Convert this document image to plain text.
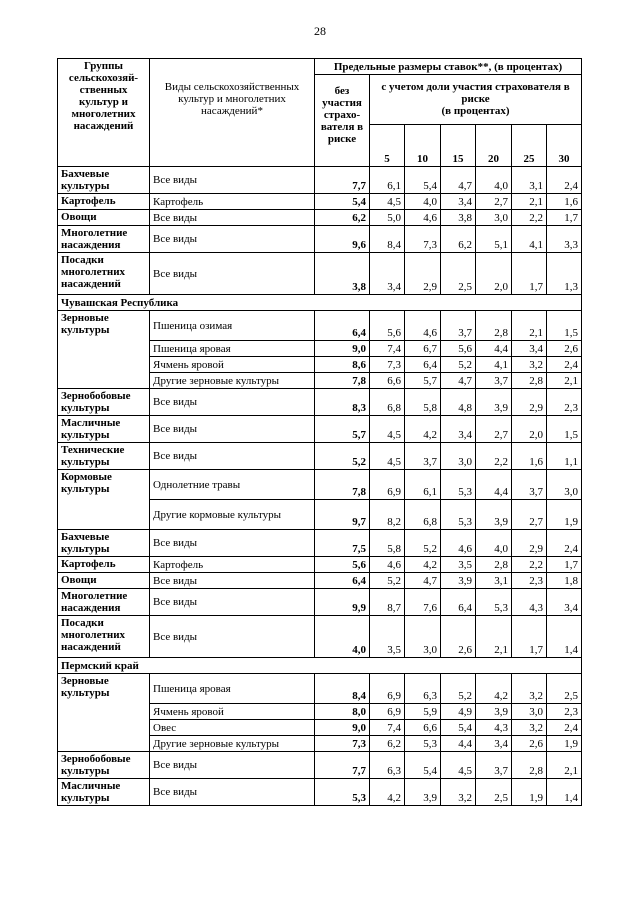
28
Группы сельскохозяй-ственных культур и многолетних насаждений	Виды сельскохозяйственных культур и многолетних насаждений*	Предельные размеры ставок**, (в процентах)						
		без участия страхо-вателя в риске	с учетом доли участия страхователя в риске
(в процентах)					
			5	10	15	20	25	30
Бахчевые культуры	Все виды	7,7	6,1	5,4	4,7	4,0	3,1	2,4
Картофель	Картофель	5,4	4,5	4,0	3,4	2,7	2,1	1,6
Овощи	Все виды	6,2	5,0	4,6	3,8	3,0	2,2	1,7
Многолетние насаждения	Все виды	9,6	8,4	7,3	6,2	5,1	4,1	3,3
Посадки многолетних насаждений	Все виды	3,8	3,4	2,9	2,5	2,0	1,7	1,3
Чувашская Республика								
Зерновые культуры	Пшеница озимая	6,4	5,6	4,6	3,7	2,8	2,1	1,5
	Пшеница яровая	9,0	7,4	6,7	5,6	4,4	3,4	2,6
	Ячмень яровой	8,6	7,3	6,4	5,2	4,1	3,2	2,4
	Другие зерновые культуры	7,8	6,6	5,7	4,7	3,7	2,8	2,1
Зернобобовые культуры	Все виды	8,3	6,8	5,8	4,8	3,9	2,9	2,3
Масличные культуры	Все виды	5,7	4,5	4,2	3,4	2,7	2,0	1,5
Технические культуры	Все виды	5,2	4,5	3,7	3,0	2,2	1,6	1,1
Кормовые культуры	Однолетние травы	7,8	6,9	6,1	5,3	4,4	3,7	3,0
	Другие кормовые культуры	9,7	8,2	6,8	5,3	3,9	2,7	1,9
Бахчевые культуры	Все виды	7,5	5,8	5,2	4,6	4,0	2,9	2,4
Картофель	Картофель	5,6	4,6	4,2	3,5	2,8	2,2	1,7
Овощи	Все виды	6,4	5,2	4,7	3,9	3,1	2,3	1,8
Многолетние насаждения	Все виды	9,9	8,7	7,6	6,4	5,3	4,3	3,4
Посадки многолетних насаждений	Все виды	4,0	3,5	3,0	2,6	2,1	1,7	1,4
Пермский край								
Зерновые культуры	Пшеница яровая	8,4	6,9	6,3	5,2	4,2	3,2	2,5
	Ячмень яровой	8,0	6,9	5,9	4,9	3,9	3,0	2,3
	Овес	9,0	7,4	6,6	5,4	4,3	3,2	2,4
	Другие зерновые культуры	7,3	6,2	5,3	4,4	3,4	2,6	1,9
Зернобобовые культуры	Все виды	7,7	6,3	5,4	4,5	3,7	2,8	2,1
Масличные культуры	Все виды	5,3	4,2	3,9	3,2	2,5	1,9	1,4
